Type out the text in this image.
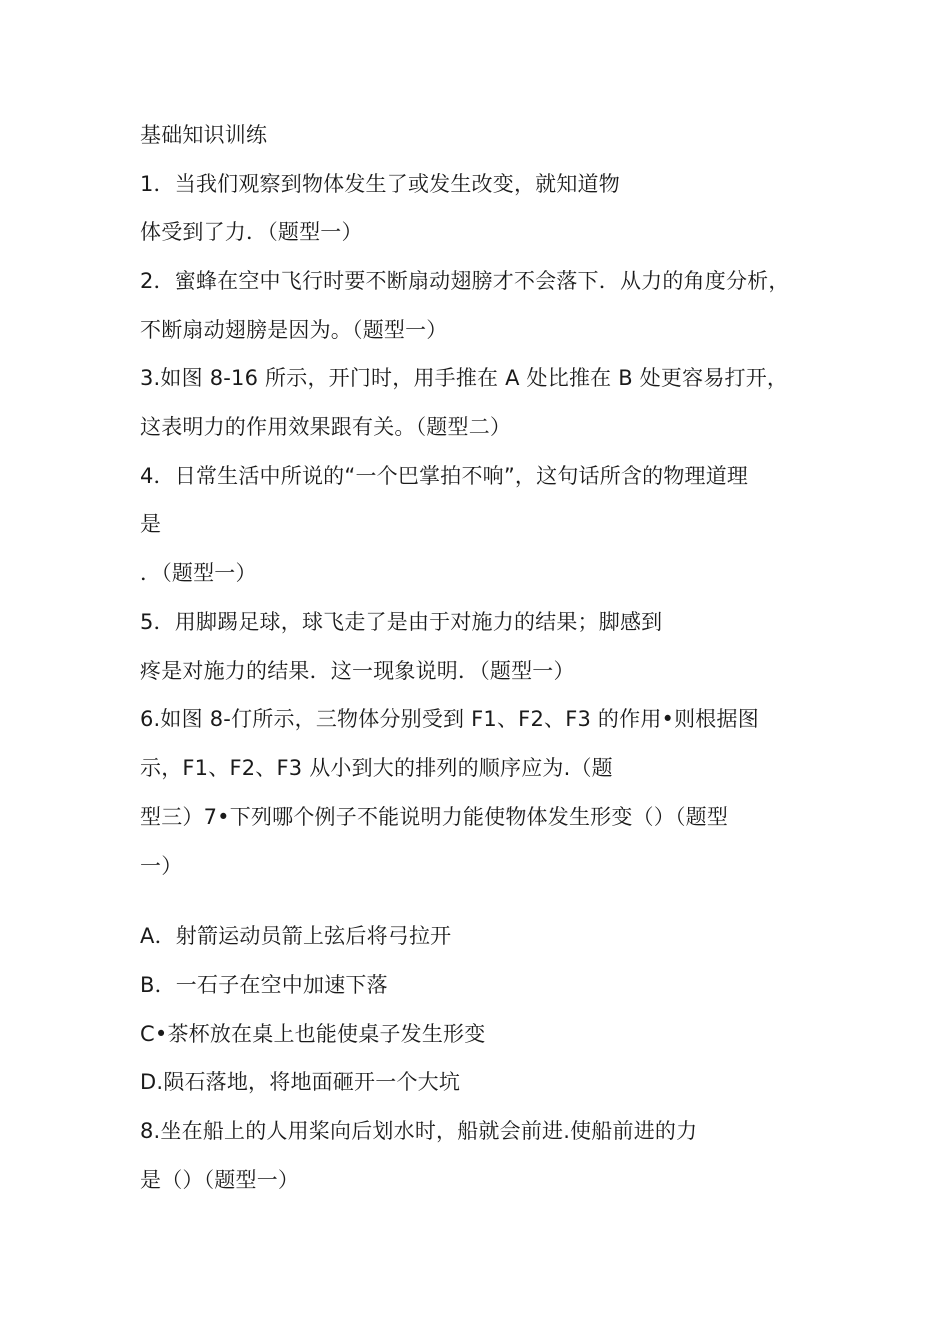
基础知识训练
1．当我们观察到物体发生了或发生改变，就知道物
体受到了力．（题型一）
2．蜜蜂在空中飞行时要不断扇动翅膀才不会落下．从力的角度分析，
不断扇动翅膀是因为。（题型一）
3.如图 8-16 所示，开门时，用手推在 A 处比推在 B 处更容易打开，
这表明力的作用效果跟有关。（题型二）
4．日常生活中所说的“一个巴掌拍不响”，这句话所含的物理道理
是
．（题型一）
5．用脚踢足球，球飞走了是由于对施力的结果；脚感到
疼是对施力的结果．这一现象说明．（题型一）
6.如图 8-仃所示，三物体分别受到 F1、F2、F3 的作用•则根据图
示，F1、F2、F3 从小到大的排列的顺序应为.（题
型三）7•下列哪个例子不能说明力能使物体发生形变（）（题型
一）
A．射箭运动员箭上弦后将弓拉开
B．一石子在空中加速下落
C•茶杯放在桌上也能使桌子发生形变
D.陨石落地，将地面砸开一个大坑
8.坐在船上的人用桨向后划水时，船就会前进.使船前进的力
是（）（题型一）
